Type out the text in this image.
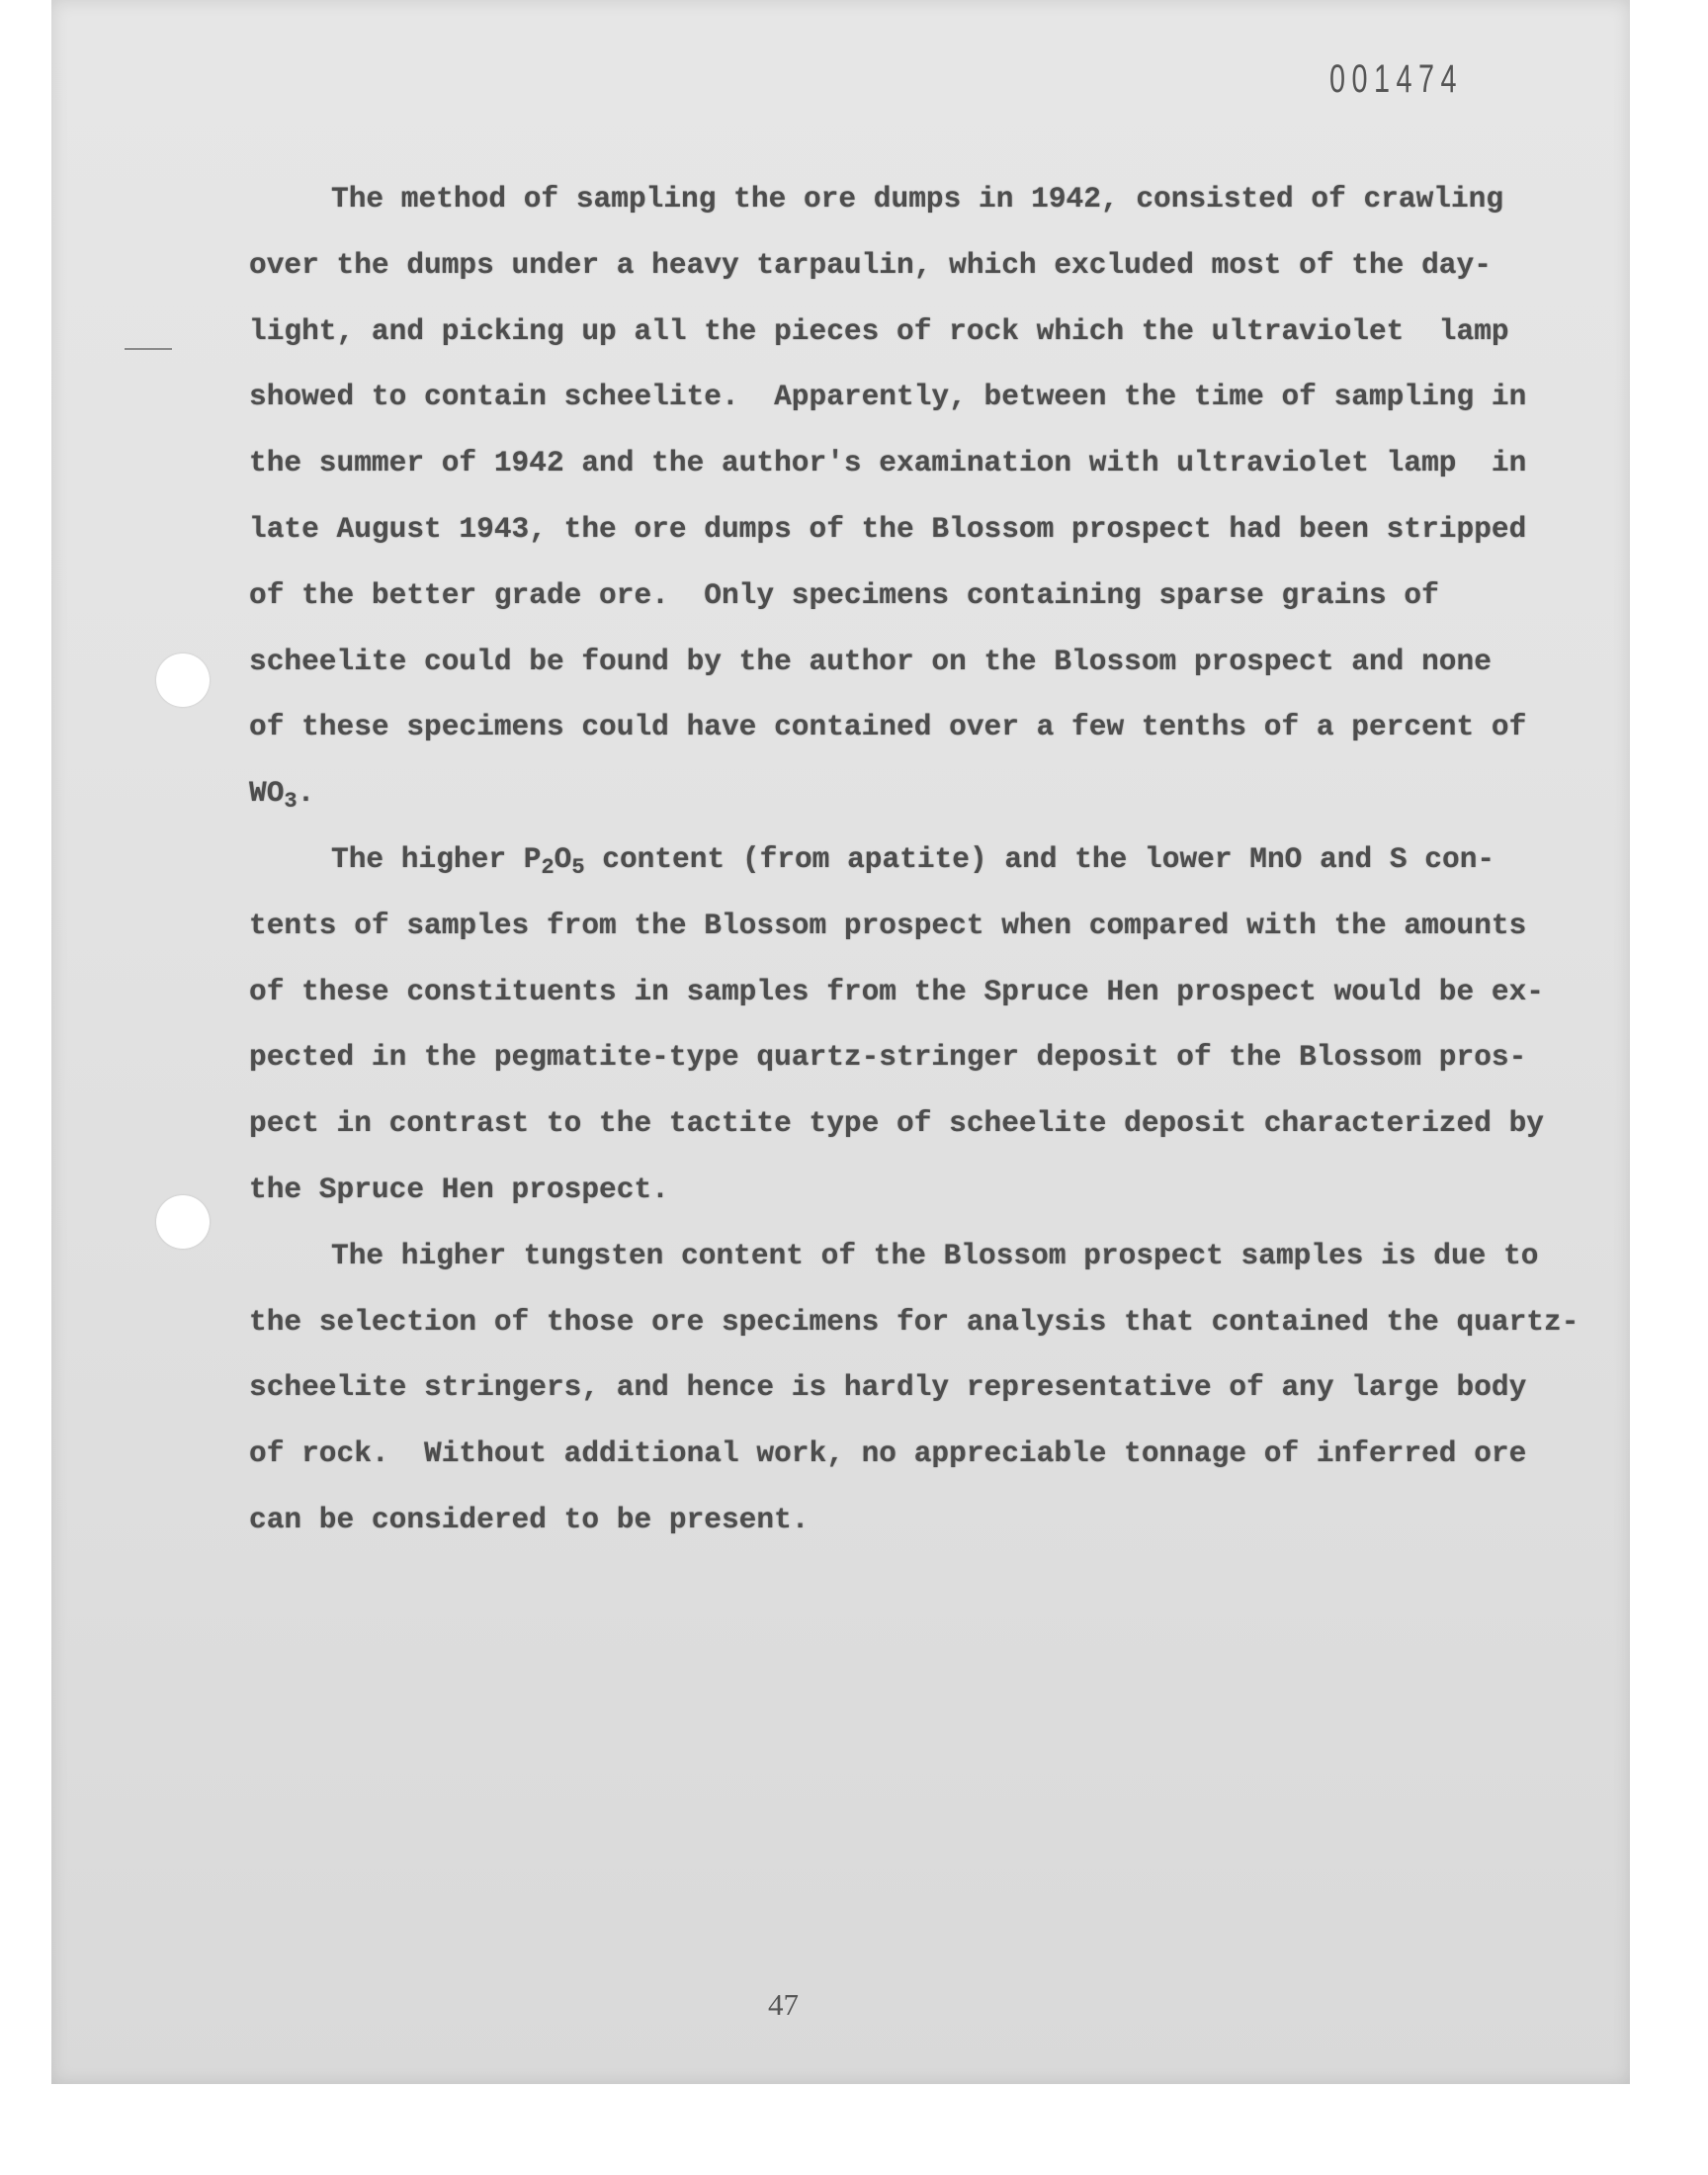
001474

The method of sampling the ore dumps in 1942, consisted of crawling
over the dumps under a heavy tarpaulin, which excluded most of the day-
light, and picking up all the pieces of rock which the ultraviolet  lamp
showed to contain scheelite.  Apparently, between the time of sampling in
the summer of 1942 and the author's examination with ultraviolet lamp  in
late August 1943, the ore dumps of the Blossom prospect had been stripped
of the better grade ore.  Only specimens containing sparse grains of
scheelite could be found by the author on the Blossom prospect and none
of these specimens could have contained over a few tenths of a percent of
$WO_3$.

The higher $P_2O_5$ content (from apatite) and the lower MnO and S con-
tents of samples from the Blossom prospect when compared with the amounts
of these constituents in samples from the Spruce Hen prospect would be ex-
pected in the pegmatite-type quartz-stringer deposit of the Blossom pros-
pect in contrast to the tactite type of scheelite deposit characterized by
the Spruce Hen prospect.

The higher tungsten content of the Blossom prospect samples is due to
the selection of those ore specimens for analysis that contained the quartz-
scheelite stringers, and hence is hardly representative of any large body
of rock.  Without additional work, no appreciable tonnage of inferred ore
can be considered to be present.

47
